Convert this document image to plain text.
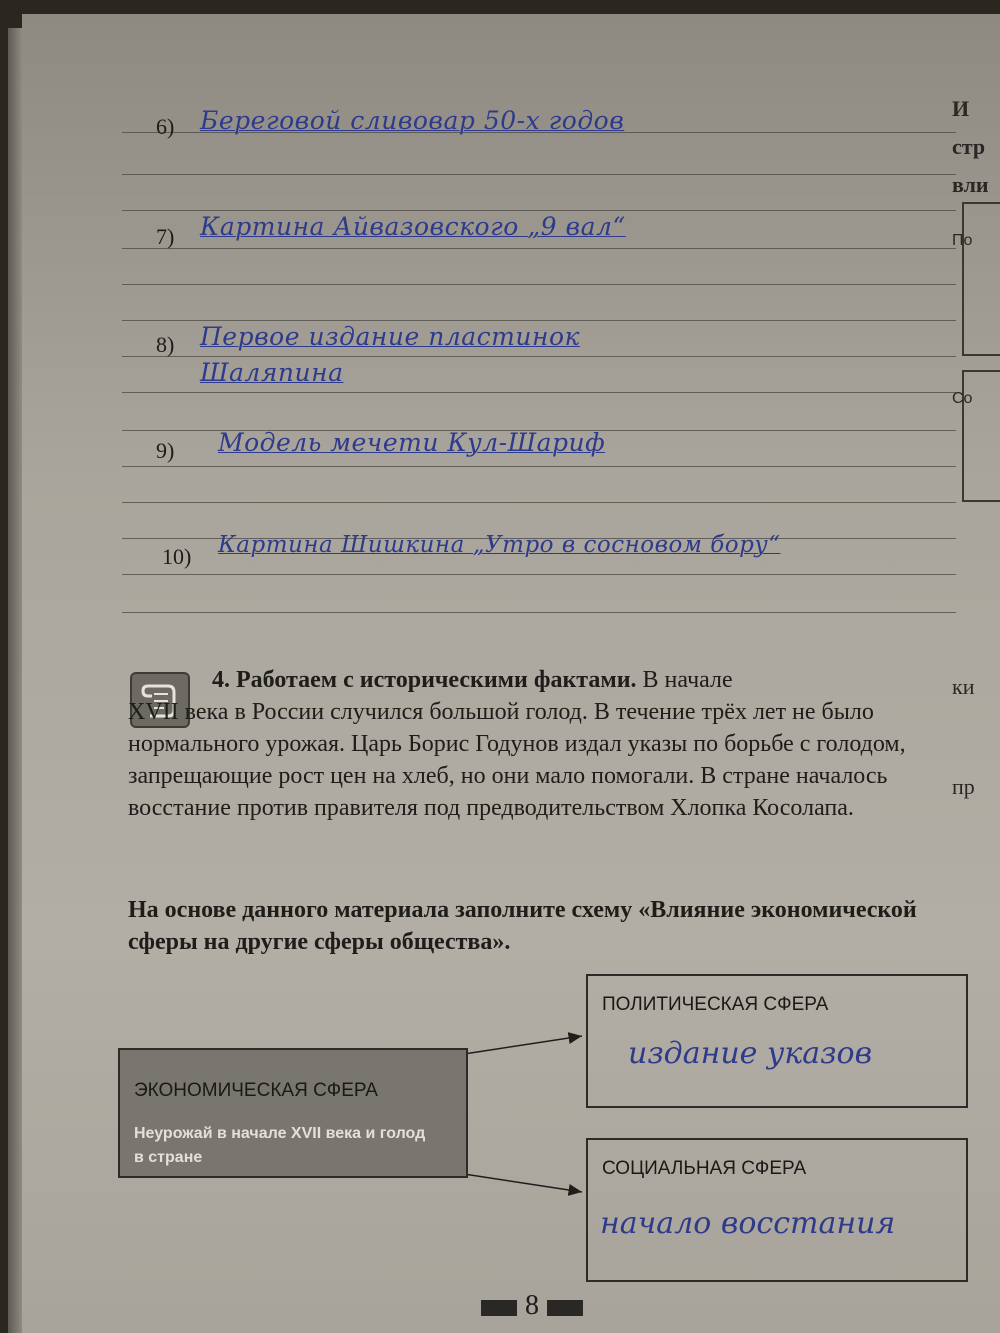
6) Береговой сливовар 50-х годов
7) Картина Айвазовского „9 вал“
8) Первое издание пластинок
Шаляпина
9) Модель мечети Кул-Шариф
10) Картина Шишкина „Утро в сосновом бору“
4. Работаем с историческими фактами. В начале
XVII века в России случился большой голод. В течение трёх лет не было нормального урожая. Царь Борис Годунов издал указы по борьбе с голодом, запрещающие рост цен на хлеб, но они мало помогали. В стране началось восстание против правителя под предводительством Хлопка Косолапа.
На основе данного материала заполните схему «Влияние экономической сферы на другие сферы общества».
ЭКОНОМИЧЕСКАЯ СФЕРА
Неурожай в начале XVII века и голод в стране
ПОЛИТИЧЕСКАЯ СФЕРА
издание указов
СОЦИАЛЬНАЯ СФЕРА
начало восстания
8
И
стр
вли
По
Со
ки
пр
